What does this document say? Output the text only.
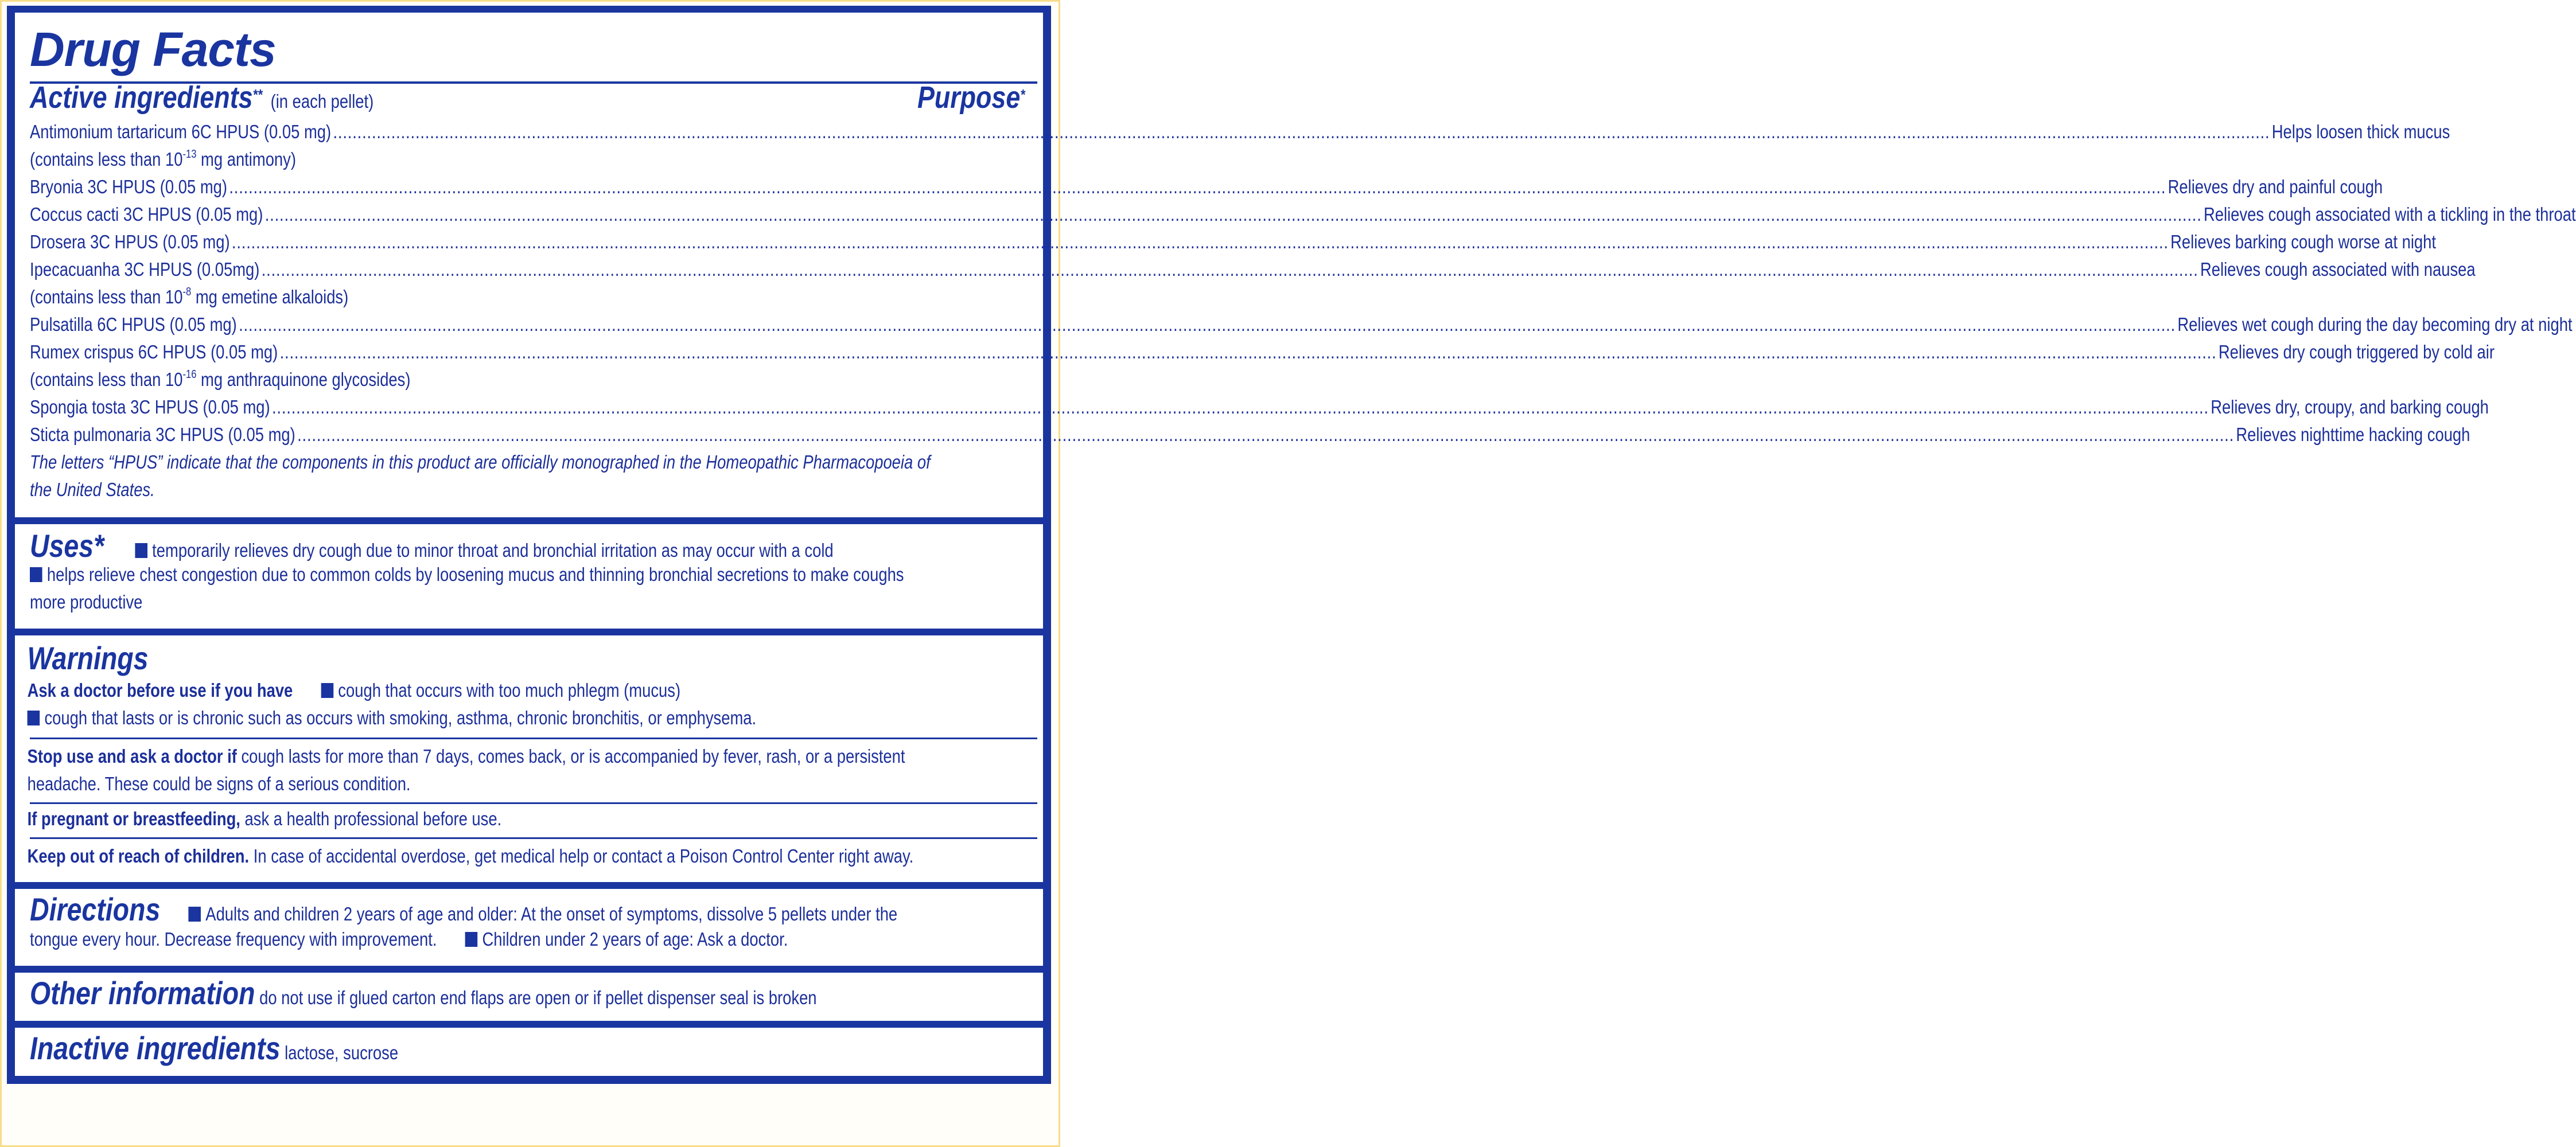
Drug Facts
Active ingredients** (in each pellet)	Purpose*
Antimonium tartaricum 6C HPUS (0.05 mg) ................................................................................................................................................................................................................................................................................................................................................................................................................ Helps loosen thick mucus
(contains less than $10^{-13}$ mg antimony)
Bryonia 3C HPUS (0.05 mg) ................................................................................................................................................................................................................................................................................................................................................................................................................ Relieves dry and painful cough
Coccus cacti 3C HPUS (0.05 mg) ................................................................................................................................................................................................................................................................................................................................................................................................................ Relieves cough associated with a tickling in the throat
Drosera 3C HPUS (0.05 mg) ................................................................................................................................................................................................................................................................................................................................................................................................................ Relieves barking cough worse at night
Ipecacuanha 3C HPUS (0.05mg) ................................................................................................................................................................................................................................................................................................................................................................................................................ Relieves cough associated with nausea
(contains less than $10^{-8}$ mg emetine alkaloids)
Pulsatilla 6C HPUS (0.05 mg) ................................................................................................................................................................................................................................................................................................................................................................................................................ Relieves wet cough during the day becoming dry at night
Rumex crispus 6C HPUS (0.05 mg) ................................................................................................................................................................................................................................................................................................................................................................................................................ Relieves dry cough triggered by cold air
(contains less than $10^{-16}$ mg anthraquinone glycosides)
Spongia tosta 3C HPUS (0.05 mg) ................................................................................................................................................................................................................................................................................................................................................................................................................ Relieves dry, croupy, and barking cough
Sticta pulmonaria 3C HPUS (0.05 mg) ................................................................................................................................................................................................................................................................................................................................................................................................................ Relieves nighttime hacking cough
The letters “HPUS” indicate that the components in this product are officially monographed in the Homeopathic Pharmacopoeia of
the United States.
Uses*	temporarily relieves dry cough due to minor throat and bronchial irritation as may occur with a cold
helps relieve chest congestion due to common colds by loosening mucus and thinning bronchial secretions to make coughs
more productive
Warnings
Ask a doctor before use if you have cough that occurs with too much phlegm (mucus)
cough that lasts or is chronic such as occurs with smoking, asthma, chronic bronchitis, or emphysema.
Stop use and ask a doctor if cough lasts for more than 7 days, comes back, or is accompanied by fever, rash, or a persistent
headache. These could be signs of a serious condition.
If pregnant or breastfeeding, ask a health professional before use.
Keep out of reach of children. In case of accidental overdose, get medical help or contact a Poison Control Center right away.
Directions Adults and children 2 years of age and older: At the onset of symptoms, dissolve 5 pellets under the
tongue every hour. Decrease frequency with improvement. Children under 2 years of age: Ask a doctor.
Other information do not use if glued carton end flaps are open or if pellet dispenser seal is broken
Inactive ingredients lactose, sucrose
